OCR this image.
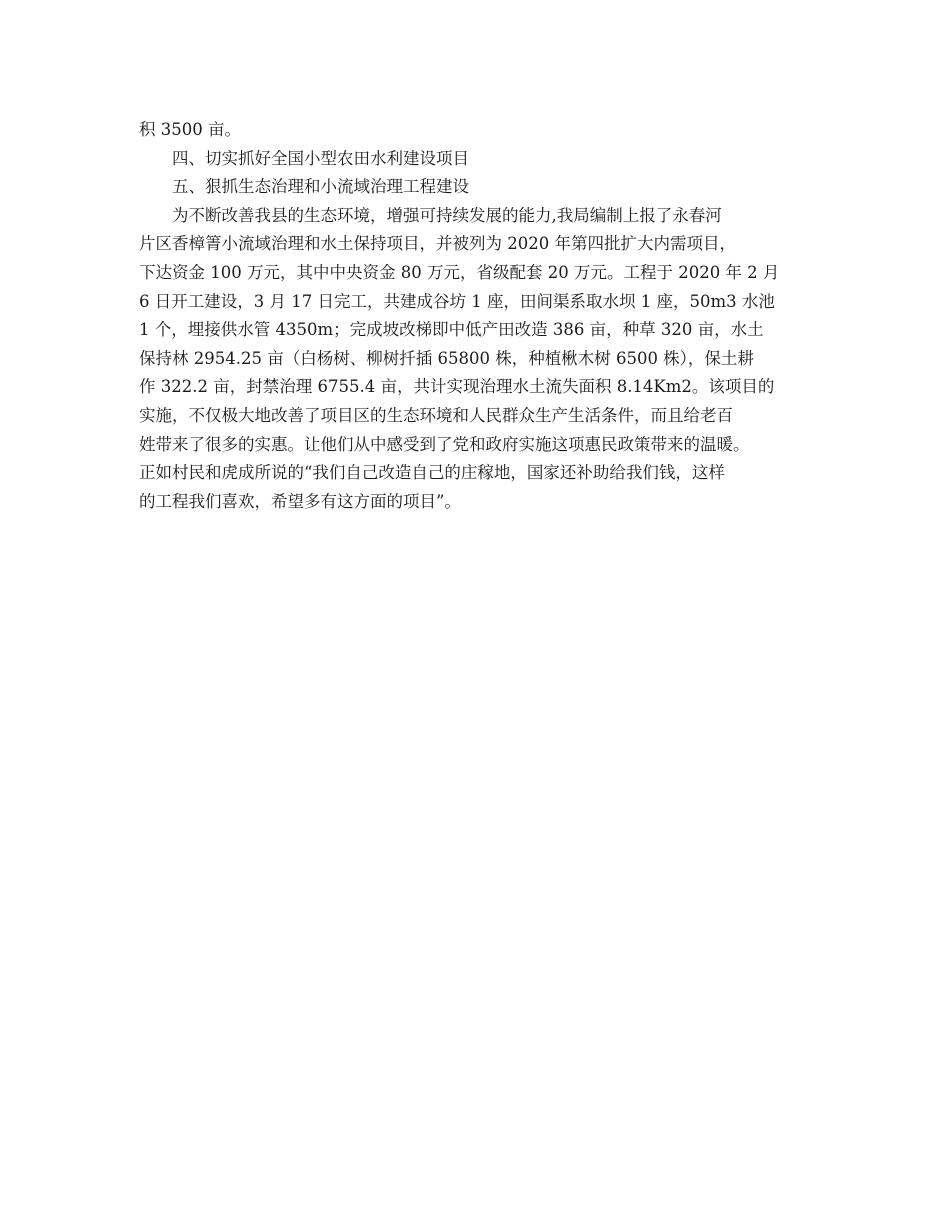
积 3500 亩。
四、切实抓好全国小型农田水利建设项目
五、狠抓生态治理和小流域治理工程建设
为不断改善我县的生态环境，增强可持续发展的能力,我局编制上报了永春河
片区香樟箐小流域治理和水土保持项目，并被列为 2020 年第四批扩大内需项目，
下达资金 100 万元，其中中央资金 80 万元，省级配套 20 万元。工程于 2020 年 2 月
6 日开工建设，3 月 17 日完工，共建成谷坊 1 座，田间渠系取水坝 1 座，50m3 水池
1 个，埋接供水管 4350m；完成坡改梯即中低产田改造 386 亩，种草 320 亩，水土
保持林 2954.25 亩（白杨树、柳树扦插 65800 株，种植楸木树 6500 株），保土耕
作 322.2 亩，封禁治理 6755.4 亩，共计实现治理水土流失面积 8.14Km2。该项目的
实施，不仅极大地改善了项目区的生态环境和人民群众生产生活条件，而且给老百
姓带来了很多的实惠。让他们从中感受到了党和政府实施这项惠民政策带来的温暖。
正如村民和虎成所说的“我们自己改造自己的庄稼地，国家还补助给我们钱，这样
的工程我们喜欢，希望多有这方面的项目”。
